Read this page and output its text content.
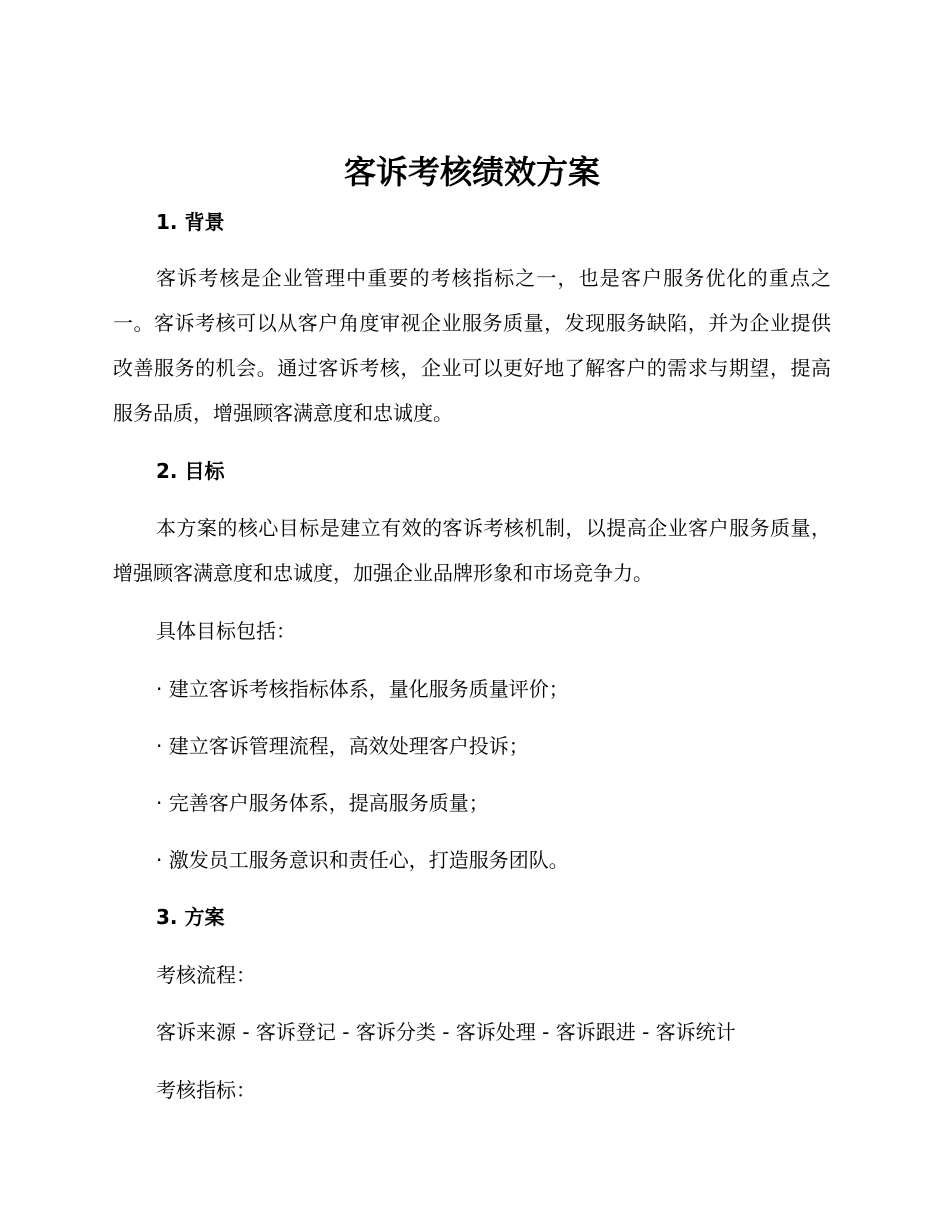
客诉考核绩效方案
1. 背景

客诉考核是企业管理中重要的考核指标之一，也是客户服务优化的重点之一。客诉考核可以从客户角度审视企业服务质量，发现服务缺陷，并为企业提供改善服务的机会。通过客诉考核，企业可以更好地了解客户的需求与期望，提高服务品质，增强顾客满意度和忠诚度。

2. 目标

本方案的核心目标是建立有效的客诉考核机制，以提高企业客户服务质量，增强顾客满意度和忠诚度，加强企业品牌形象和市场竞争力。

具体目标包括：

· 建立客诉考核指标体系，量化服务质量评价；

· 建立客诉管理流程，高效处理客户投诉；

· 完善客户服务体系，提高服务质量；

· 激发员工服务意识和责任心，打造服务团队。

3. 方案

考核流程：

客诉来源 - 客诉登记 - 客诉分类 - 客诉处理 - 客诉跟进 - 客诉统计

考核指标：
